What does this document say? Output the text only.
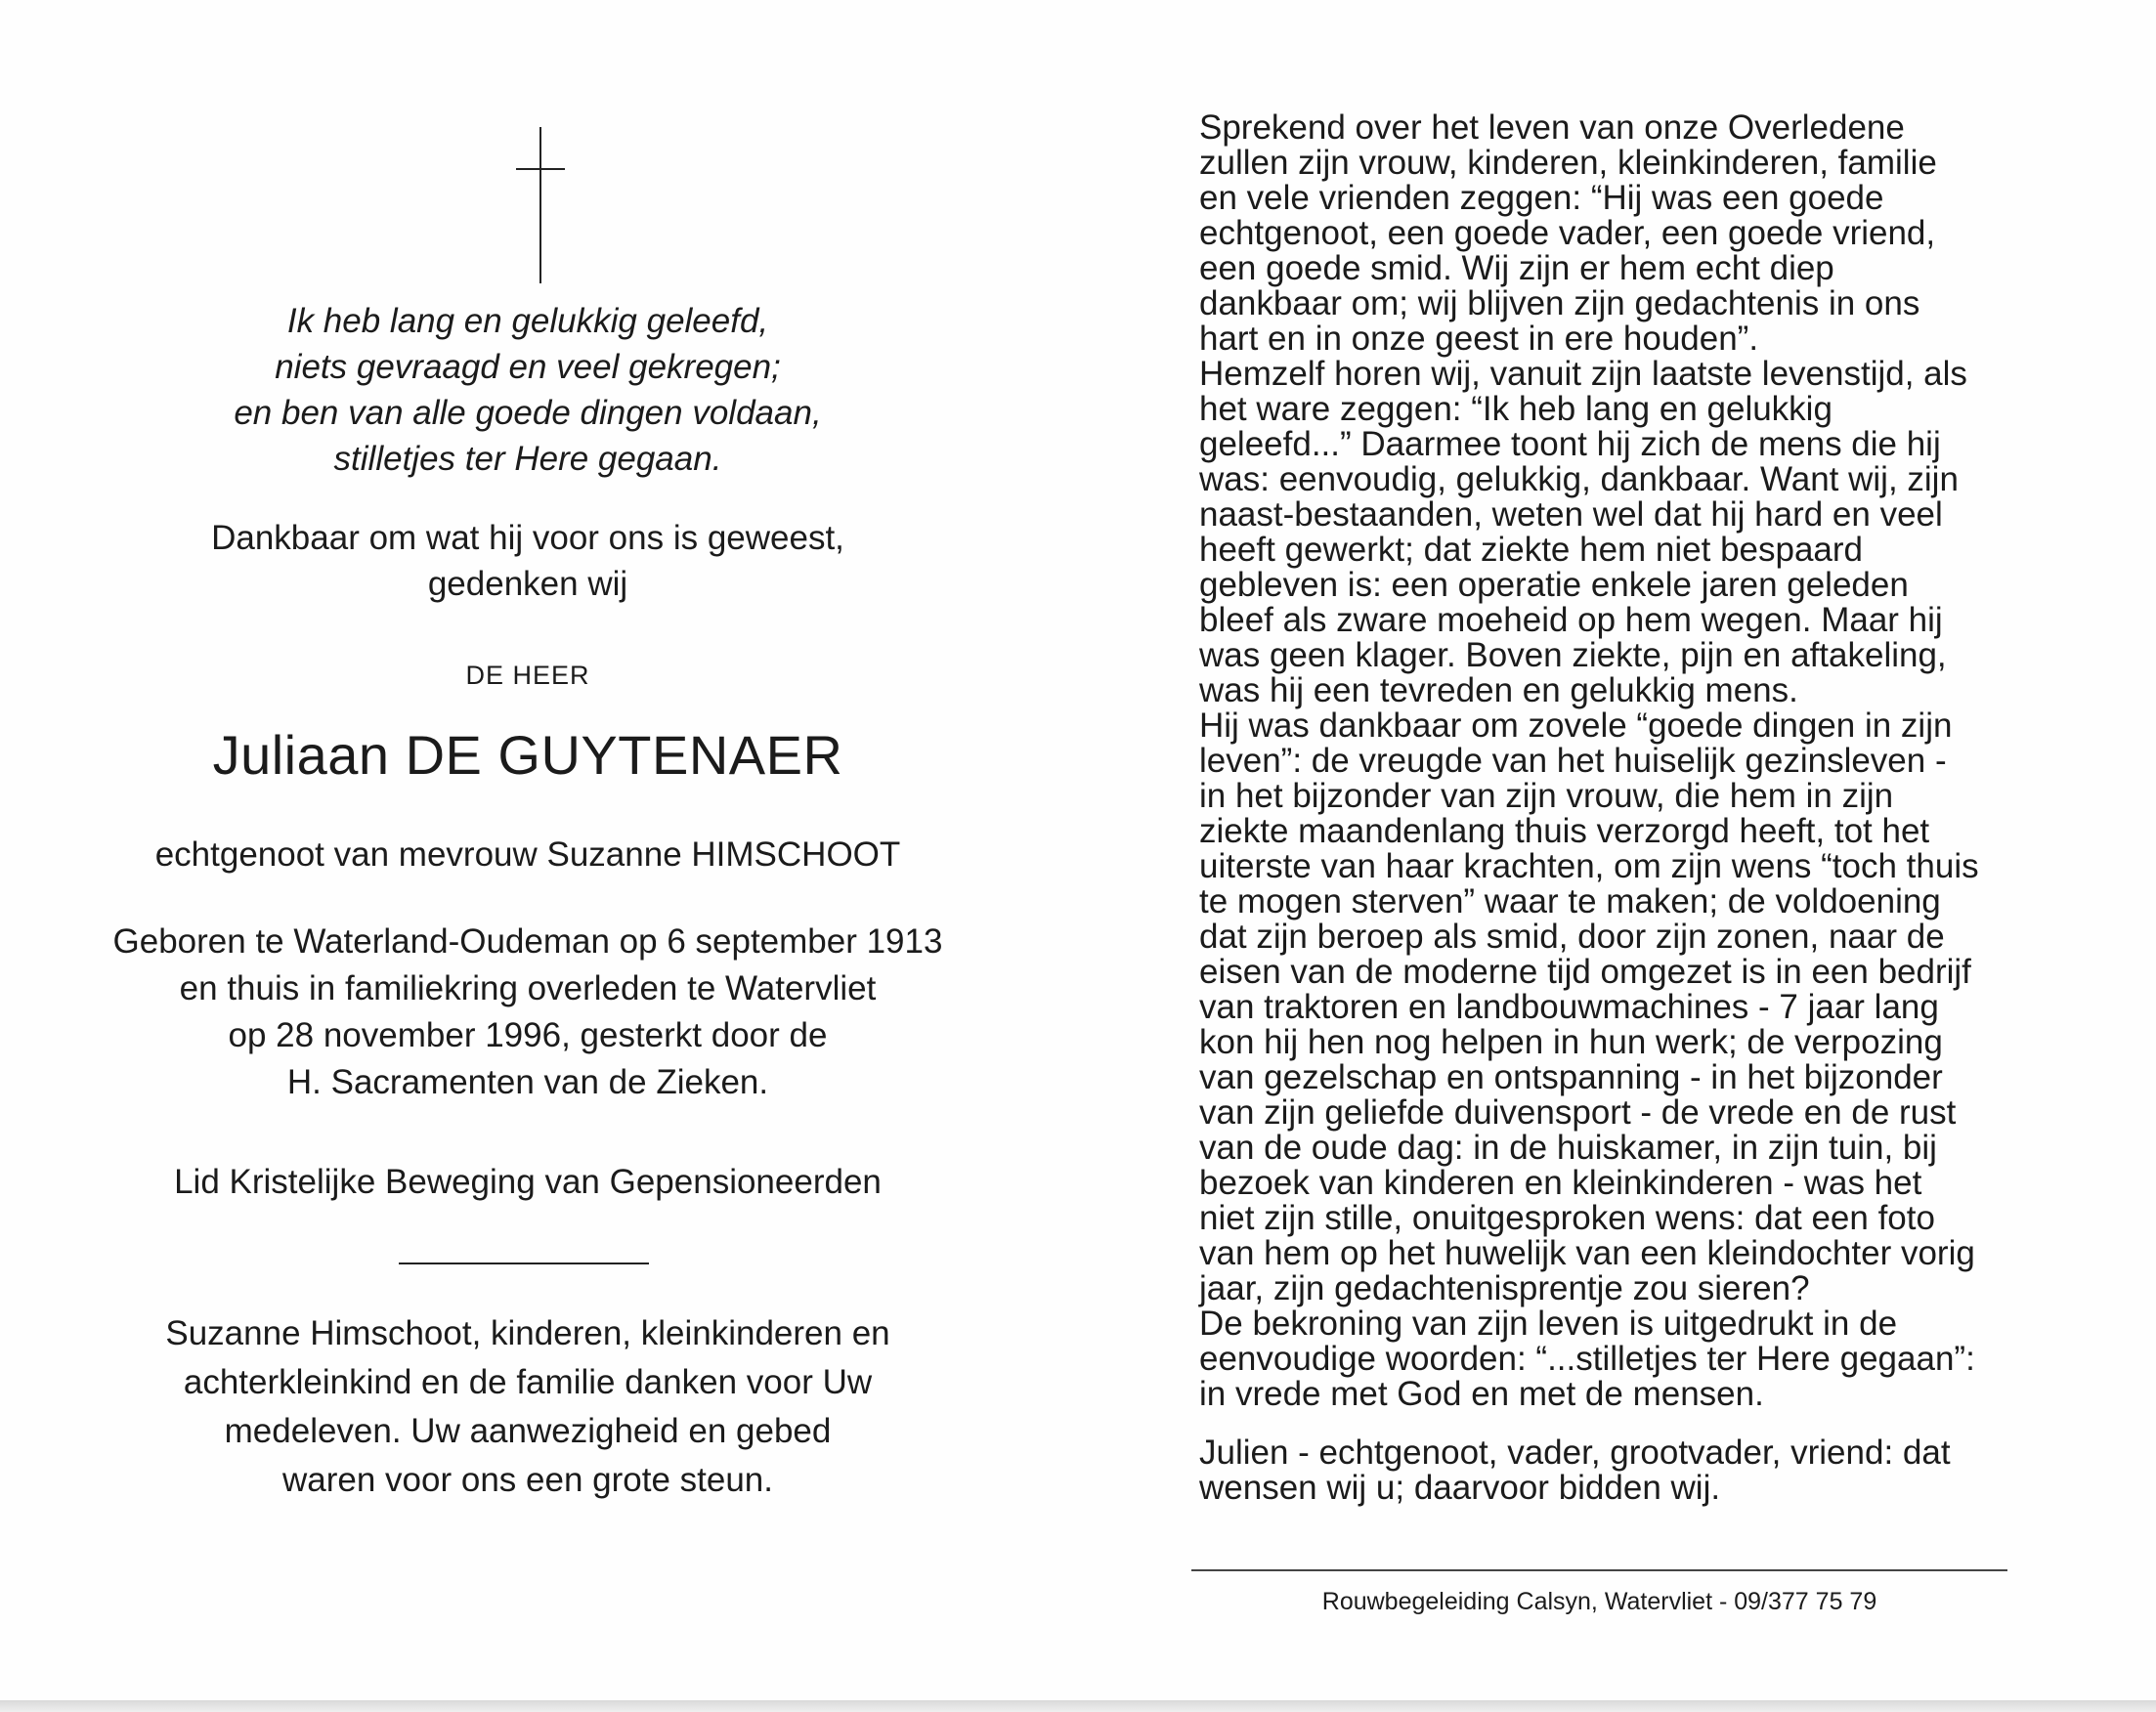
Ik heb lang en gelukkig geleefd,
niets gevraagd en veel gekregen;
en ben van alle goede dingen voldaan,
stilletjes ter Here gegaan.
Dankbaar om wat hij voor ons is geweest,
gedenken wij
DE HEER
Juliaan DE GUYTENAER
echtgenoot van mevrouw Suzanne HIMSCHOOT
Geboren te Waterland-Oudeman op 6 september 1913
en thuis in familiekring overleden te Watervliet
op 28 november 1996, gesterkt door de
H. Sacramenten van de Zieken.
Lid Kristelijke Beweging van Gepensioneerden
Suzanne Himschoot, kinderen, kleinkinderen en
achterkleinkind en de familie danken voor Uw
medeleven. Uw aanwezigheid en gebed
waren voor ons een grote steun.
Sprekend over het leven van onze Overledene
zullen zijn vrouw, kinderen, kleinkinderen, familie
en vele vrienden zeggen: “Hij was een goede
echtgenoot, een goede vader, een goede vriend,
een goede smid. Wij zijn er hem echt diep
dankbaar om; wij blijven zijn gedachtenis in ons
hart en in onze geest in ere houden”.
Hemzelf horen wij, vanuit zijn laatste levenstijd, als
het ware zeggen: “Ik heb lang en gelukkig
geleefd...” Daarmee toont hij zich de mens die hij
was: eenvoudig, gelukkig, dankbaar. Want wij, zijn
naast-bestaanden, weten wel dat hij hard en veel
heeft gewerkt; dat ziekte hem niet bespaard
gebleven is: een operatie enkele jaren geleden
bleef als zware moeheid op hem wegen. Maar hij
was geen klager. Boven ziekte, pijn en aftakeling,
was hij een tevreden en gelukkig mens.
Hij was dankbaar om zovele “goede dingen in zijn
leven”: de vreugde van het huiselijk gezinsleven -
in het bijzonder van zijn vrouw, die hem in zijn
ziekte maandenlang thuis verzorgd heeft, tot het
uiterste van haar krachten, om zijn wens “toch thuis
te mogen sterven” waar te maken; de voldoening
dat zijn beroep als smid, door zijn zonen, naar de
eisen van de moderne tijd omgezet is in een bedrijf
van traktoren en landbouwmachines - 7 jaar lang
kon hij hen nog helpen in hun werk; de verpozing
van gezelschap en ontspanning - in het bijzonder
van zijn geliefde duivensport - de vrede en de rust
van de oude dag: in de huiskamer, in zijn tuin, bij
bezoek van kinderen en kleinkinderen - was het
niet zijn stille, onuitgesproken wens: dat een foto
van hem op het huwelijk van een kleindochter vorig
jaar, zijn gedachtenisprentje zou sieren?
De bekroning van zijn leven is uitgedrukt in de
eenvoudige woorden: “...stilletjes ter Here gegaan”:
in vrede met God en met de mensen.
Julien - echtgenoot, vader, grootvader, vriend: dat
wensen wij u; daarvoor bidden wij.
Rouwbegeleiding Calsyn, Watervliet - 09/377 75 79
